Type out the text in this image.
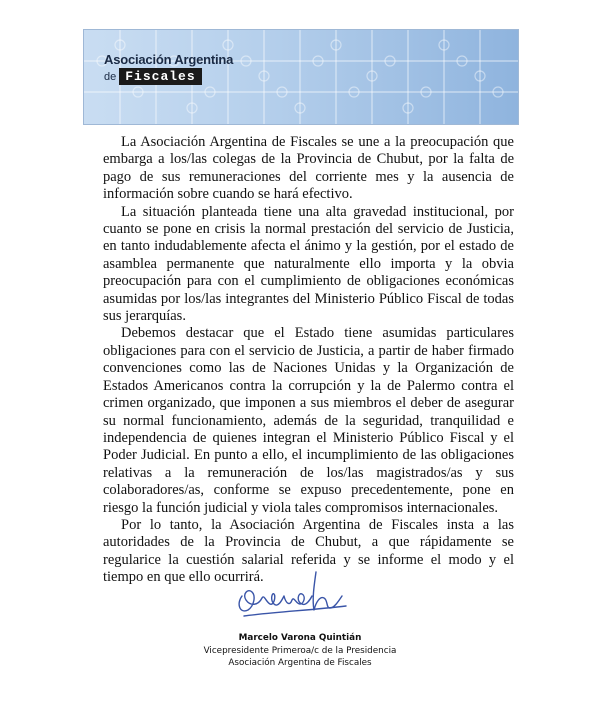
Asociación Argentina
de Fiscales

La Asociación Argentina de Fiscales se une a la preocupación que embarga a los/las colegas de la Provincia de Chubut, por la falta de pago de sus remuneraciones del corriente mes y la ausencia de información sobre cuando se hará efectivo.

La situación planteada tiene una alta gravedad institucional, por cuanto se pone en crisis la normal prestación del servicio de Justicia, en tanto indudablemente afecta el ánimo y la gestión, por el estado de asamblea permanente que naturalmente ello importa y la obvia preocupación para con el cumplimiento de obligaciones económicas asumidas por los/las integrantes del Ministerio Público Fiscal de todas sus jerarquías.

Debemos destacar que el Estado tiene asumidas particulares obligaciones para con el servicio de Justicia, a partir de haber firmado convenciones como las de Naciones Unidas y la Organización de Estados Americanos contra la corrupción y la de Palermo contra el crimen organizado, que imponen a sus miembros el deber de asegurar su normal funcionamiento, además de la seguridad, tranquilidad e independencia de quienes integran el Ministerio Público Fiscal y el Poder Judicial. En punto a ello, el incumplimiento de las obligaciones relativas a la remuneración de los/las magistrados/as y sus colaboradores/as, conforme se expuso precedentemente, pone en riesgo la función judicial y viola tales compromisos internacionales.

Por lo tanto, la Asociación Argentina de Fiscales insta a las autoridades de la Provincia de Chubut, a que rápidamente se regularice la cuestión salarial referida y se informe el modo y el tiempo en que ello ocurrirá.

Marcelo Varona Quintián
Vicepresidente Primeroa/c de la Presidencia
Asociación Argentina de Fiscales
